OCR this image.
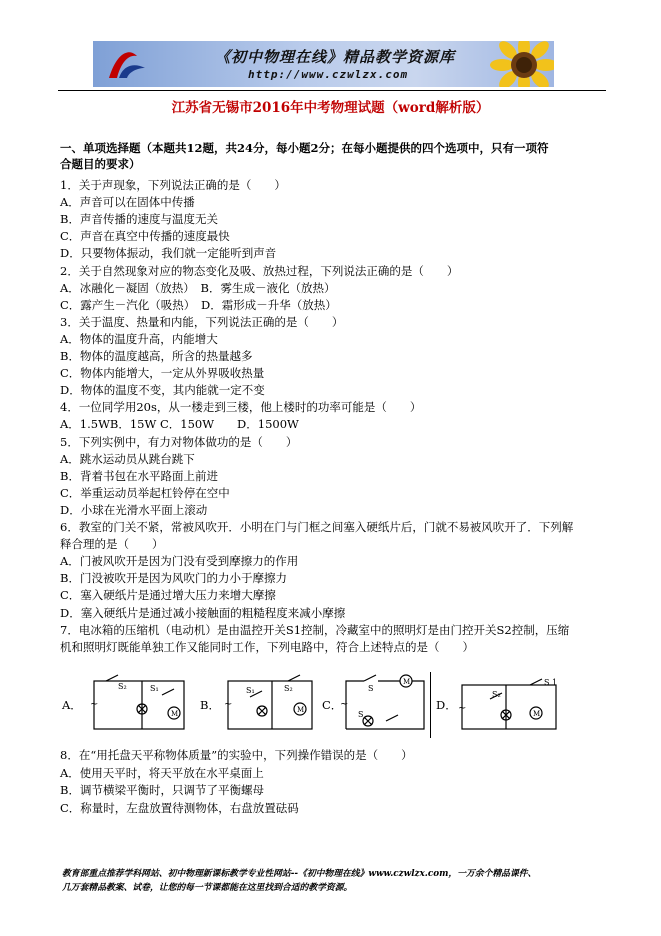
《初中物理在线》精品教学资源库
http://www.czwlzx.com
江苏省无锡市2016年中考物理试题（word解析版）
一、单项选择题（本题共12题，共24分，每小题2分；在每小题提供的四个选项中，只有一项符
合题目的要求）
1．关于声现象，下列说法正确的是（　　）
A．声音可以在固体中传播
B．声音传播的速度与温度无关
C．声音在真空中传播的速度最快
D．只要物体振动，我们就一定能听到声音
2．关于自然现象对应的物态变化及吸、放热过程，下列说法正确的是（　　）
A．冰融化－凝固（放热）　B．雾生成－液化（放热）
C．露产生－汽化（吸热）　D．霜形成－升华（放热）
3．关于温度、热量和内能，下列说法正确的是（　　）
A．物体的温度升高，内能增大
B．物体的温度越高，所含的热量越多
C．物体内能增大，一定从外界吸收热量
D．物体的温度不变，其内能就一定不变
4．一位同学用20s，从一楼走到三楼，他上楼时的功率可能是（　　）
A．1.5WB．15W C．150W　　D．1500W
5．下列实例中，有力对物体做功的是（　　）
A．跳水运动员从跳台跳下
B．背着书包在水平路面上前进
C．举重运动员举起杠铃停在空中
D．小球在光滑水平面上滚动
6．教室的门关不紧，常被风吹开．小明在门与门框之间塞入硬纸片后，门就不易被风吹开了．下列解
释合理的是（　　）
A．门被风吹开是因为门没有受到摩擦力的作用
B．门没被吹开是因为风吹门的力小于摩擦力
C．塞入硬纸片是通过增大压力来增大摩擦
D．塞入硬纸片是通过减小接触面的粗糙程度来减小摩擦
7．电冰箱的压缩机（电动机）是由温控开关S1控制，冷藏室中的照明灯是由门控开关S2控制，压缩
机和照明灯既能单独工作又能同时工作，下列电路中，符合上述特点的是（　　）
A． ~
S₂	S₁
M
B． ~
S₁	S₂
M C．
~
S
M
S
D． ~
S₂
S 1
M
8．在“用托盘天平称物体质量”的实验中，下列操作错误的是（　　）
A．使用天平时，将天平放在水平桌面上
B．调节横梁平衡时，只调节了平衡螺母
C．称量时，左盘放置待测物体，右盘放置砝码
教育部重点推荐学科网站、初中物理新课标教学专业性网站--《初中物理在线》www.czwlzx.com，一万余个精品课件、
几万套精品教案、试卷，让您的每一节课都能在这里找到合适的教学资源。
